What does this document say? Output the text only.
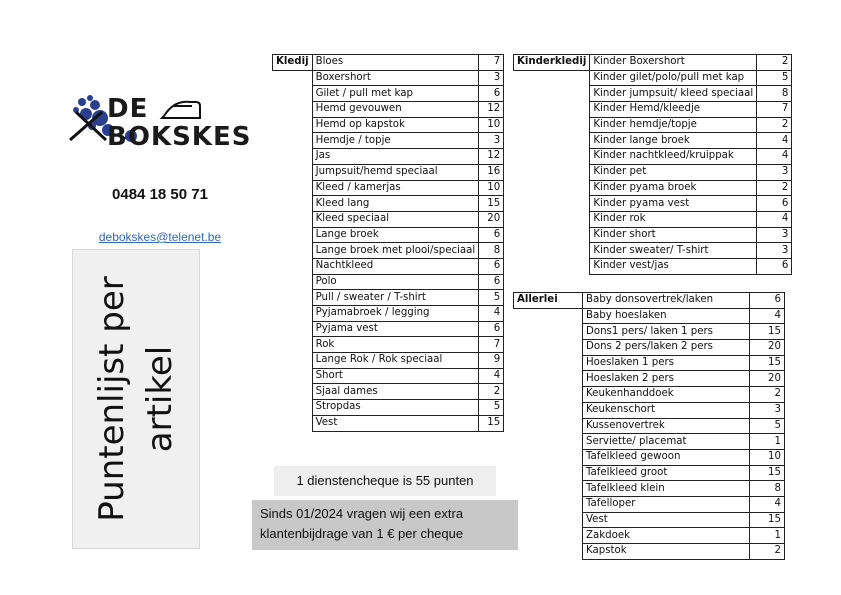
DE
BOKSKES
0484 18 50 71
debokskes@telenet.be
Puntenlijst per artikel
Kledij	Bloes	7
	Boxershort	3
	Gilet / pull met kap	6
	Hemd gevouwen	12
	Hemd op kapstok	10
	Hemdje / topje	3
	Jas	12
	Jumpsuit/hemd speciaal	16
	Kleed / kamerjas	10
	Kleed lang	15
	Kleed speciaal	20
	Lange broek	6
	Lange broek met plooi/speciaal	8
	Nachtkleed	6
	Polo	6
	Pull / sweater / T-shirt	5
	Pyjamabroek / legging	4
	Pyjama vest	6
	Rok	7
	Lange Rok / Rok speciaal	9
	Short	4
	Sjaal dames	2
	Stropdas	5
	Vest	15
Kinderkledij	Kinder Boxershort	2
	Kinder gilet/polo/pull met kap	5
	Kinder jumpsuit/ kleed speciaal	8
	Kinder Hemd/kleedje	7
	Kinder hemdje/topje	2
	Kinder lange broek	4
	Kinder nachtkleed/kruippak	4
	Kinder pet	3
	Kinder pyama broek	2
	Kinder pyama vest	6
	Kinder rok	4
	Kinder short	3
	Kinder sweater/ T-shirt	3
	Kinder vest/jas	6
Allerlei	Baby donsovertrek/laken	6
	Baby hoeslaken	4
	Dons1 pers/ laken 1 pers	15
	Dons 2 pers/laken 2 pers	20
	Hoeslaken 1 pers	15
	Hoeslaken 2 pers	20
	Keukenhanddoek	2
	Keukenschort	3
	Kussenovertrek	5
	Serviette/ placemat	1
	Tafelkleed gewoon	10
	Tafelkleed groot	15
	Tafelkleed klein	8
	Tafelloper	4
	Vest	15
	Zakdoek	1
	Kapstok	2
1 dienstencheque is 55 punten
Sinds 01/2024 vragen wij een extra
klantenbijdrage van 1 € per cheque
